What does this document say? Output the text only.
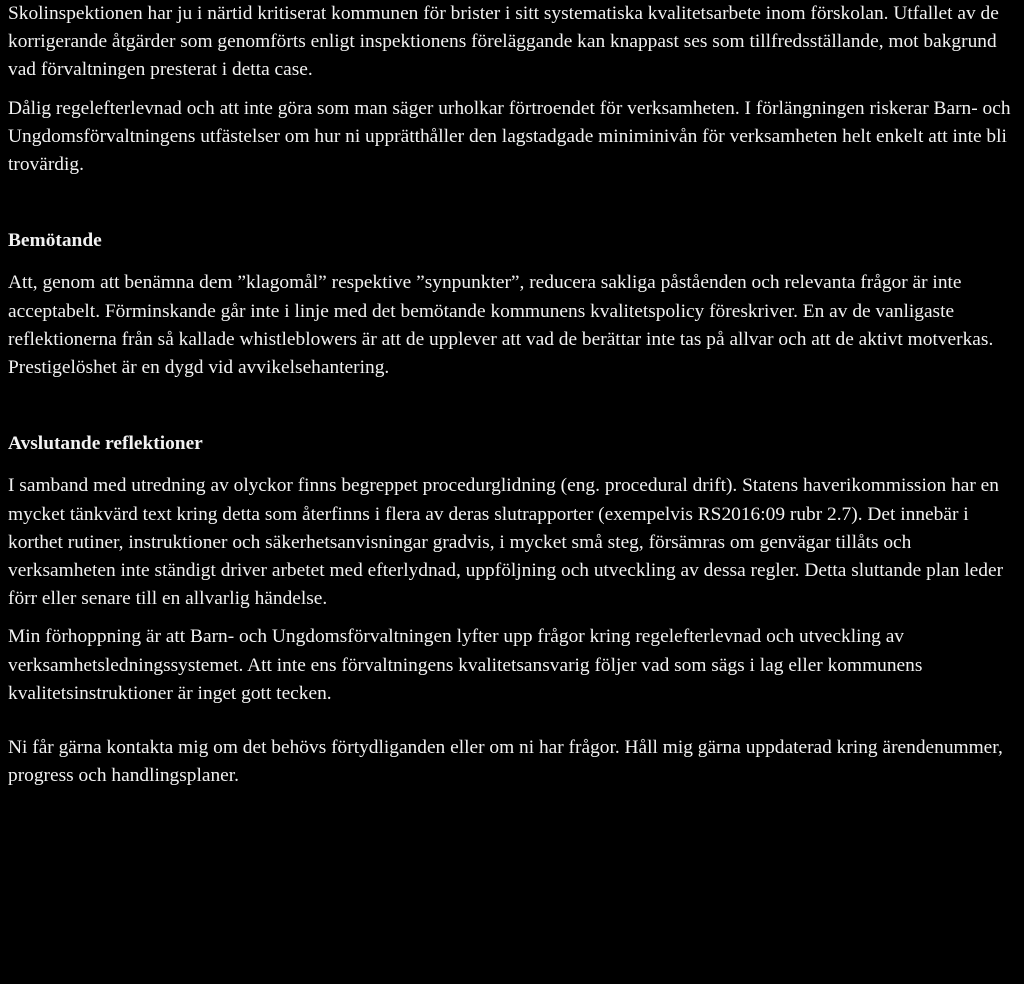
Skolinspektionen har ju i närtid kritiserat kommunen för brister i sitt systematiska kvalitetsarbete inom förskolan. Utfallet av de korrigerande åtgärder som genomförts enligt inspektionens föreläggande kan knappast ses som tillfredsställande, mot bakgrund vad förvaltningen presterat i detta case.

Dålig regelefterlevnad och att inte göra som man säger urholkar förtroendet för verksamheten. I förlängningen riskerar Barn- och Ungdomsförvaltningens utfästelser om hur ni upprätthåller den lagstadgade miniminivån för verksamheten helt enkelt att inte bli trovärdig.

Bemötande

Att, genom att benämna dem ”klagomål” respektive ”synpunkter”, reducera sakliga påståenden och relevanta frågor är inte acceptabelt. Förminskande går inte i linje med det bemötande kommunens kvalitetspolicy föreskriver. En av de vanligaste reflektionerna från så kallade whistleblowers är att de upplever att vad de berättar inte tas på allvar och att de aktivt motverkas. Prestigelöshet är en dygd vid avvikelsehantering.

Avslutande reflektioner

I samband med utredning av olyckor finns begreppet procedurglidning (eng. procedural drift). Statens haverikommission har en mycket tänkvärd text kring detta som återfinns i flera av deras slutrapporter (exempelvis RS2016:09 rubr 2.7). Det innebär i korthet rutiner, instruktioner och säkerhetsanvisningar gradvis, i mycket små steg, försämras om genvägar tillåts och verksamheten inte ständigt driver arbetet med efterlydnad, uppföljning och utveckling av dessa regler. Detta sluttande plan leder förr eller senare till en allvarlig händelse.

Min förhoppning är att Barn- och Ungdomsförvaltningen lyfter upp frågor kring regelefterlevnad och utveckling av verksamhetsledningssystemet. Att inte ens förvaltningens kvalitetsansvarig följer vad som sägs i lag eller kommunens kvalitetsinstruktioner är inget gott tecken.

Ni får gärna kontakta mig om det behövs förtydliganden eller om ni har frågor. Håll mig gärna uppdaterad kring ärendenummer, progress och handlingsplaner.
